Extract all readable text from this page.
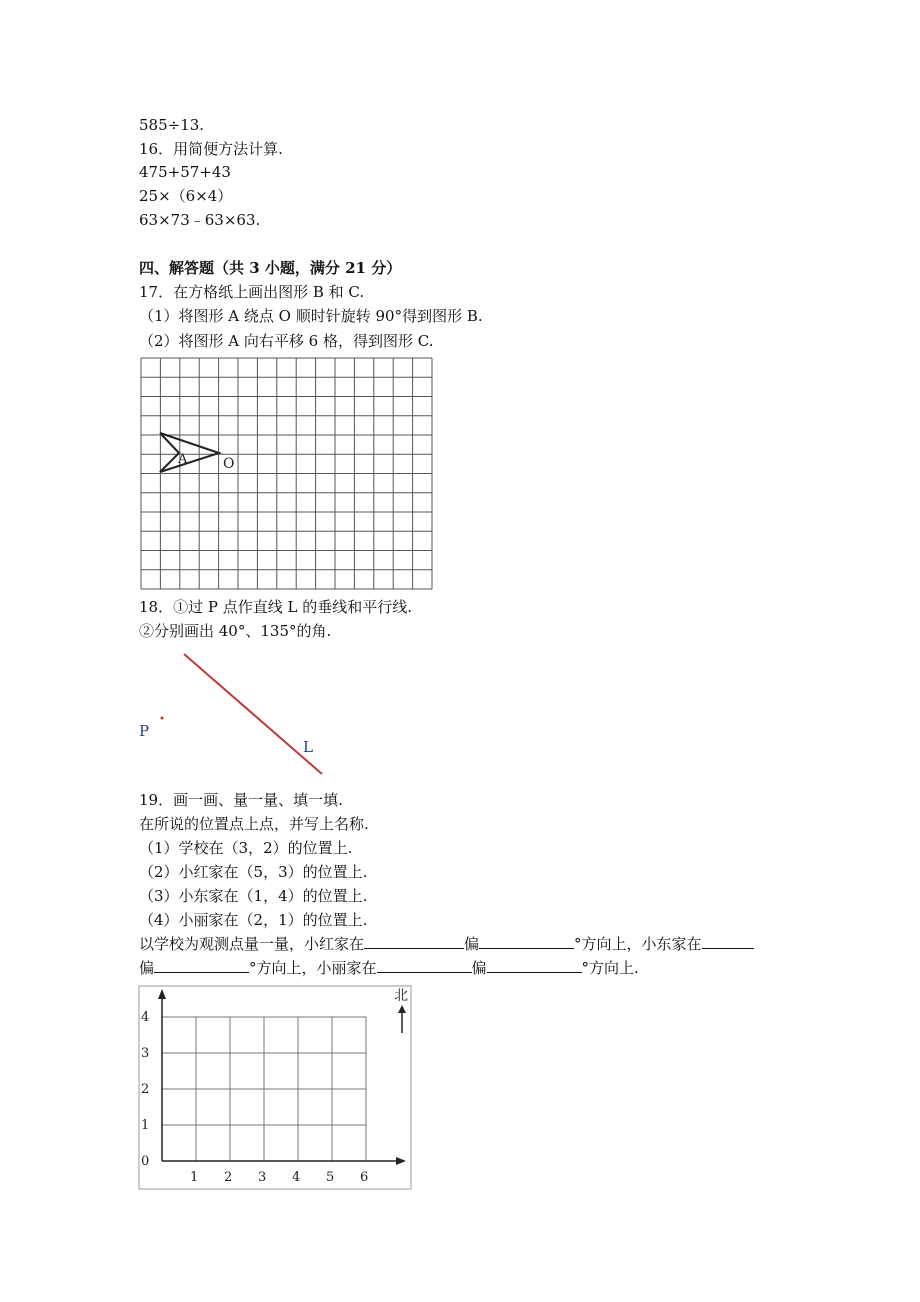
585÷13.
16．用简便方法计算.
475+57+43
25×（6×4）
63×73﹣63×63.
四、解答题（共 3 小题，满分 21 分）
17．在方格纸上画出图形 B 和 C.
（1）将图形 A 绕点 O 顺时针旋转 90°得到图形 B.
（2）将图形 A 向右平移 6 格，得到图形 C.
A	O
18．①过 P 点作直线 L 的垂线和平行线.
②分别画出 40°、135°的角.
P
L
19．画一画、量一量、填一填.
在所说的位置点上点，并写上名称.
（1）学校在（3，2）的位置上.
（2）小红家在（5，3）的位置上.
（3）小东家在（1，4）的位置上.
（4）小丽家在（2，1）的位置上.
以学校为观测点量一量，小红家在	偏	°方向上，小东家在
偏	°方向上，小丽家在	偏	°方向上.
北
1 2 3 4 5 6
0
1
2
3
4
